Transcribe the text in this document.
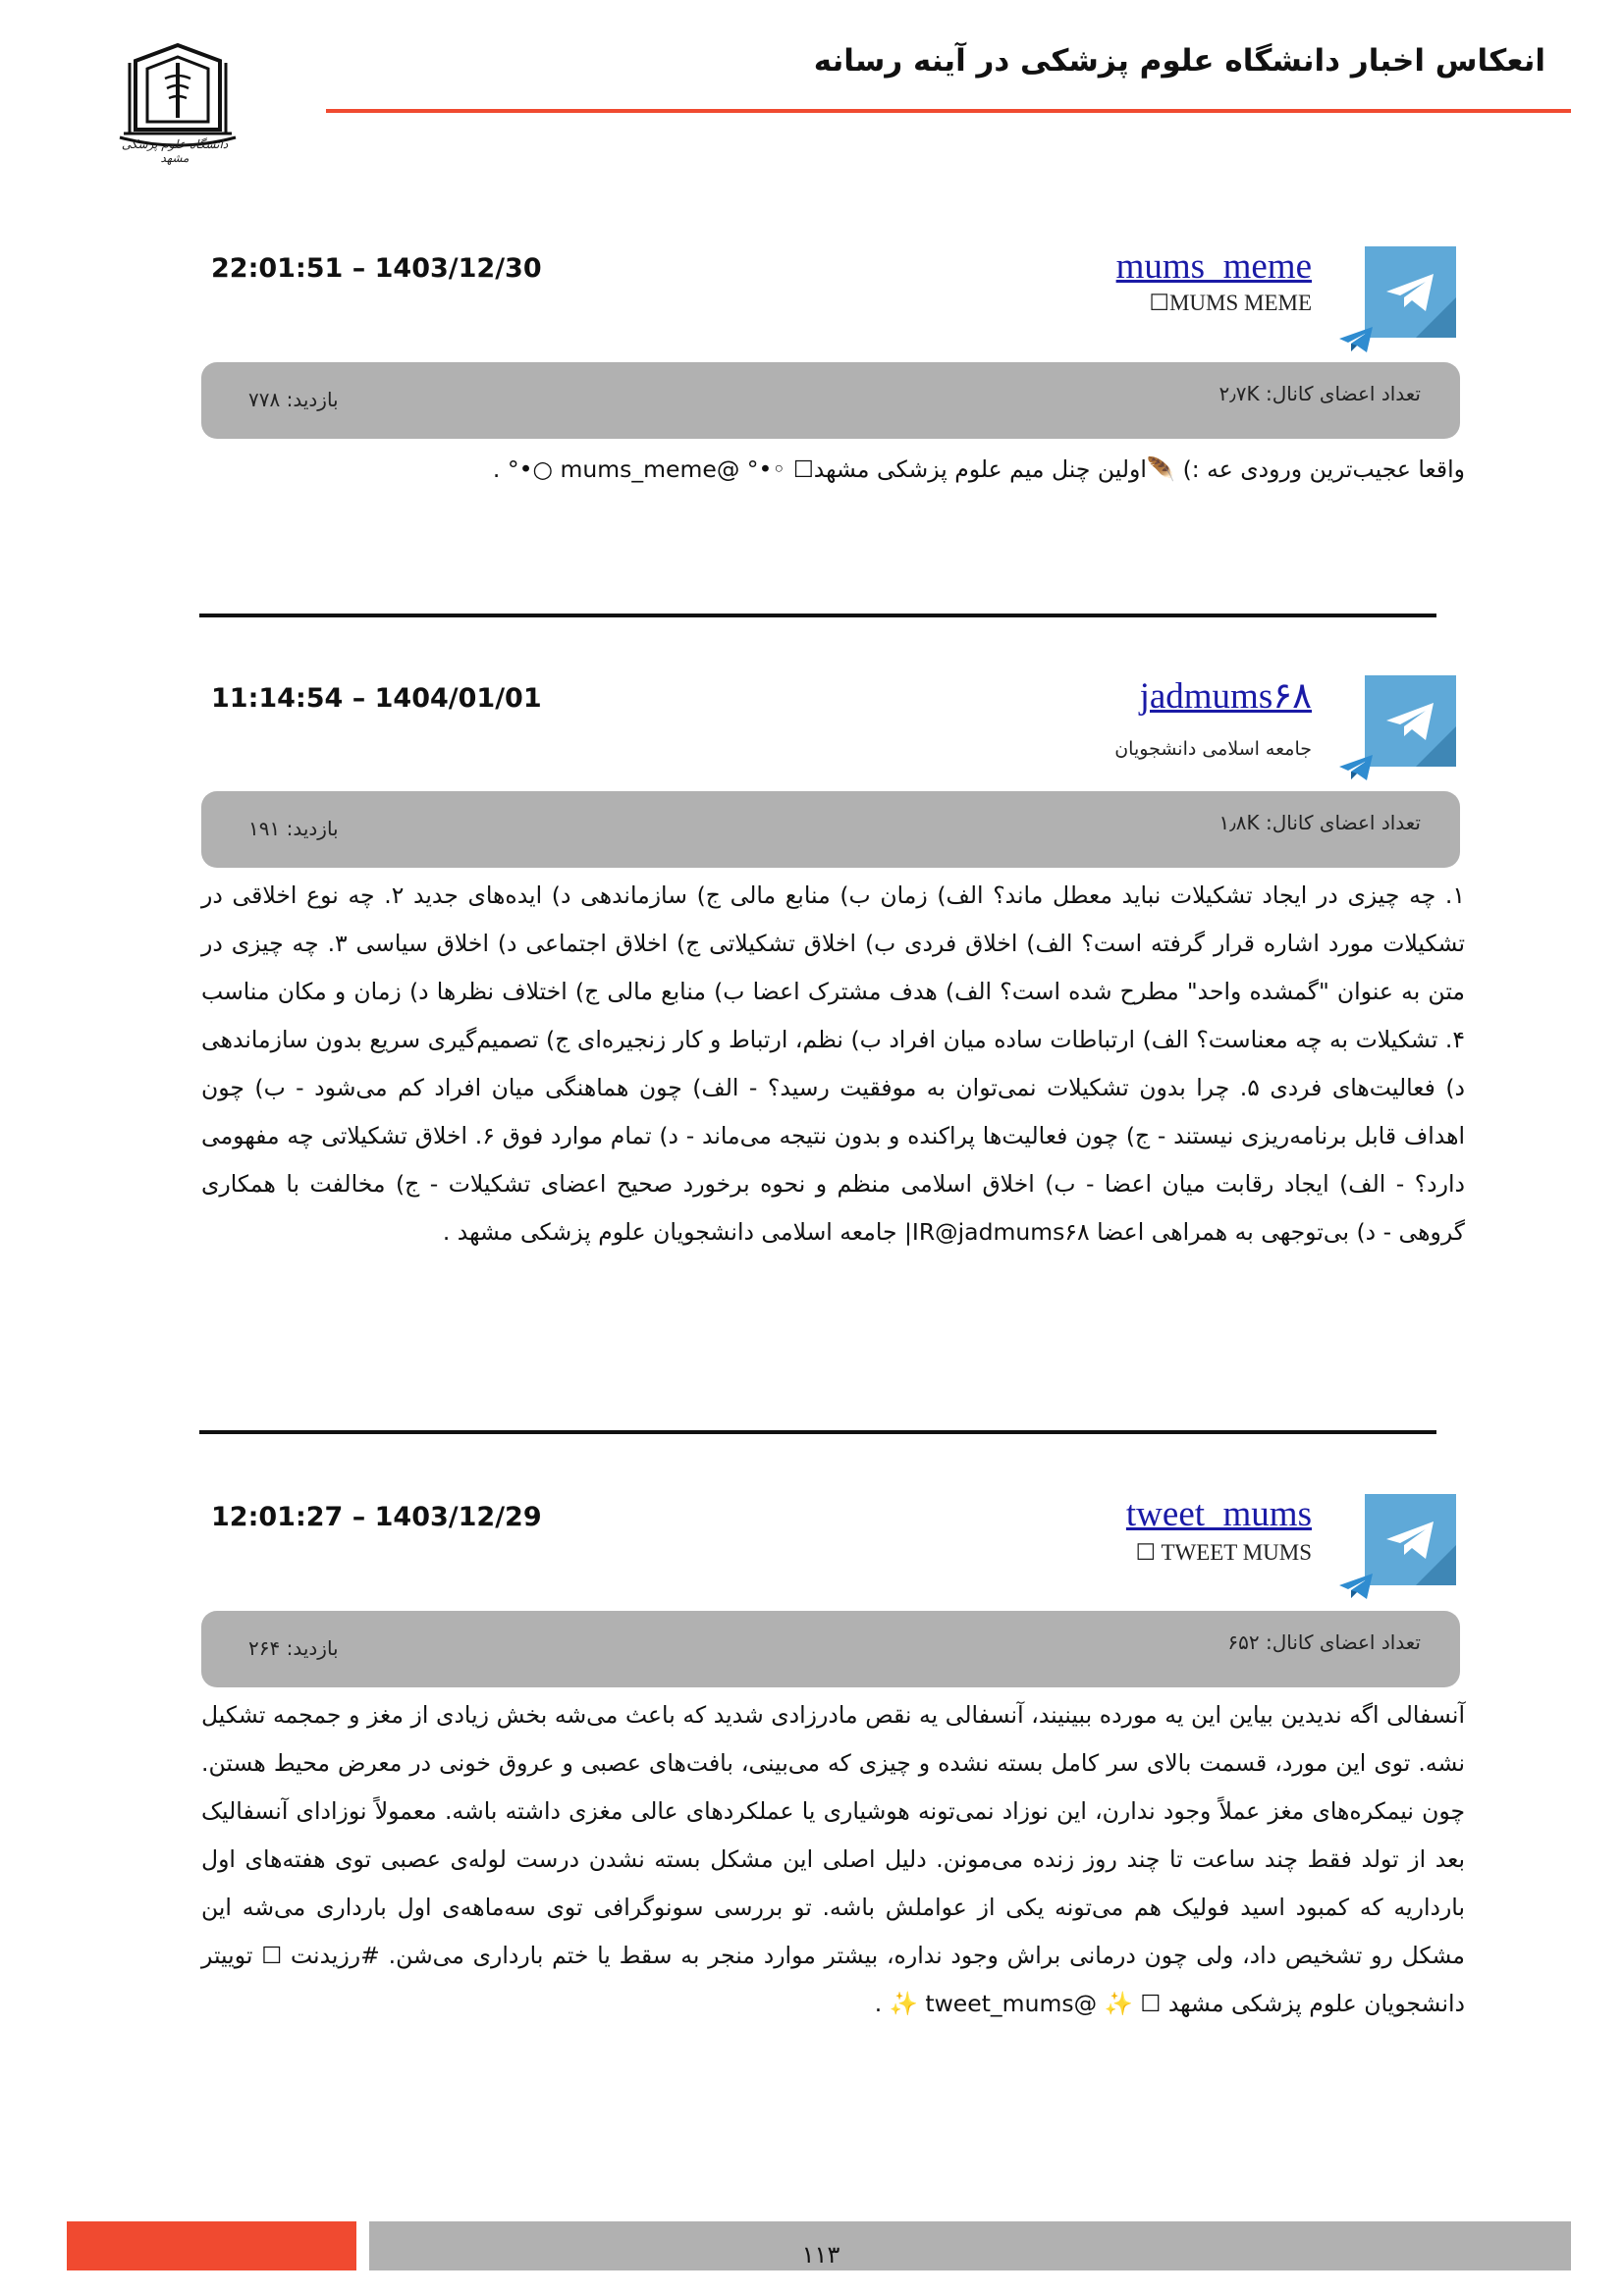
انعکاس اخبار دانشگاه علوم پزشکی در آینه رسانه
دانشگاه علوم پزشکی مشهد
mums_meme
☐MUMS MEME
22:01:51 – 1403/12/30
تعداد اعضای کانال: ۲٫۷K
بازدید: ۷۷۸
واقعا عجیب‌ترین ورودی عه :) 🪶اولین چنل میم علوم پزشکی مشهد☐ ◦•° @mums_meme ○•° .
jadmums۶۸
جامعه اسلامی دانشجویان
11:14:54 – 1404/01/01
تعداد اعضای کانال: ۱٫۸K
بازدید: ۱۹۱
۱. چه چیزی در ایجاد تشکیلات نباید معطل ماند؟ الف) زمان ب) منابع مالی ج) سازماندهی د) ایده‌های جدید ۲. چه نوع اخلاقی در تشکیلات مورد اشاره قرار گرفته است؟ الف) اخلاق فردی ب) اخلاق تشکیلاتی ج) اخلاق اجتماعی د) اخلاق سیاسی ۳. چه چیزی در متن به عنوان "گمشده واحد" مطرح شده است؟ الف) هدف مشترک اعضا ب) منابع مالی ج) اختلاف نظرها د) زمان و مکان مناسب ۴. تشکیلات به چه معناست؟ الف) ارتباطات ساده میان افراد ب) نظم، ارتباط و کار زنجیره‌ای ج) تصمیم‌گیری سریع بدون سازماندهی د) فعالیت‌های فردی ۵. چرا بدون تشکیلات نمی‌توان به موفقیت رسید؟ - الف) چون هماهنگی میان افراد کم می‌شود - ب) چون اهداف قابل برنامه‌ریزی نیستند - ج) چون فعالیت‌ها پراکنده و بدون نتیجه می‌ماند - د) تمام موارد فوق ۶. اخلاق تشکیلاتی چه مفهومی دارد؟ - الف) ایجاد رقابت میان اعضا - ب) اخلاق اسلامی منظم و نحوه برخورد صحیح اعضای تشکیلات - ج) مخالفت با همکاری گروهی - د) بی‌توجهی به همراهی اعضا IR@jadmums۶۸| جامعه اسلامی دانشجویان علوم پزشکی مشهد .
tweet_mums
☐ TWEET MUMS
12:01:27 – 1403/12/29
تعداد اعضای کانال: ۶۵۲
بازدید: ۲۶۴
آنسفالی اگه ندیدین بیاین این یه مورده ببینیند، آنسفالی یه نقص مادرزادی شدید که باعث می‌شه بخش زیادی از مغز و جمجمه تشکیل نشه. توی این مورد، قسمت بالای سر کامل بسته نشده و چیزی که می‌بینی، بافت‌های عصبی و عروق خونی در معرض محیط هستن. چون نیمکره‌های مغز عملاً وجود ندارن، این نوزاد نمی‌تونه هوشیاری یا عملکردهای عالی مغزی داشته باشه. معمولاً نوزادای آنسفالیک بعد از تولد فقط چند ساعت تا چند روز زنده می‌مونن. دلیل اصلی این مشکل بسته نشدن درست لوله‌ی عصبی توی هفته‌های اول بارداریه که کمبود اسید فولیک هم می‌تونه یکی از عواملش باشه. تو بررسی سونوگرافی توی سه‌ماهه‌ی اول بارداری می‌شه این مشکل رو تشخیص داد، ولی چون درمانی براش وجود نداره، بیشتر موارد منجر به سقط یا ختم بارداری می‌شن. #رزیدنت ☐ توییتر دانشجویان علوم پزشکی مشهد ☐ ✨ @tweet_mums ✨ .
۱۱۳
